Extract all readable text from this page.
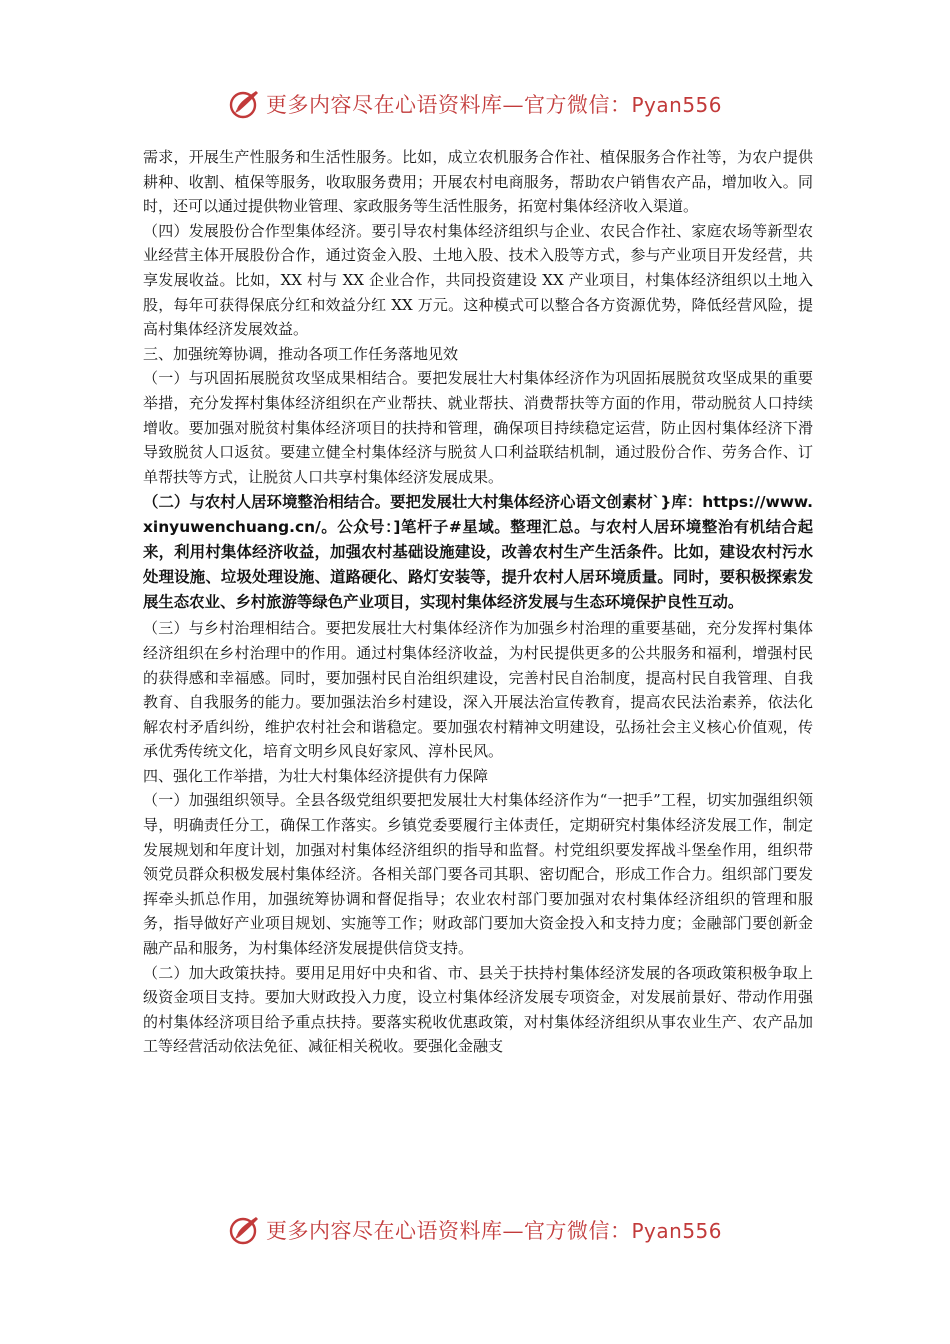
更多内容尽在心语资料库—官方微信：Pyan556

需求，开展生产性服务和生活性服务。比如，成立农机服务合作社、植保服务合作社等，为农户提供耕种、收割、植保等服务，收取服务费用；开展农村电商服务，帮助农户销售农产品，增加收入。同时，还可以通过提供物业管理、家政服务等生活性服务，拓宽村集体经济收入渠道。

（四）发展股份合作型集体经济。要引导农村集体经济组织与企业、农民合作社、家庭农场等新型农业经营主体开展股份合作，通过资金入股、土地入股、技术入股等方式，参与产业项目开发经营，共享发展收益。比如，XX 村与 XX 企业合作，共同投资建设 XX 产业项目，村集体经济组织以土地入股，每年可获得保底分红和效益分红 XX 万元。这种模式可以整合各方资源优势，降低经营风险，提高村集体经济发展效益。

三、加强统筹协调，推动各项工作任务落地见效

（一）与巩固拓展脱贫攻坚成果相结合。要把发展壮大村集体经济作为巩固拓展脱贫攻坚成果的重要举措，充分发挥村集体经济组织在产业帮扶、就业帮扶、消费帮扶等方面的作用，带动脱贫人口持续增收。要加强对脱贫村集体经济项目的扶持和管理，确保项目持续稳定运营，防止因村集体经济下滑导致脱贫人口返贫。要建立健全村集体经济与脱贫人口利益联结机制，通过股份合作、劳务合作、订单帮扶等方式，让脱贫人口共享村集体经济发展成果。

（二）与农村人居环境整治相结合。要把发展壮大村集体经济心语文创素材`}库：https://www.xinyuwenchuang.cn/。公众号：]笔杆子#星域。整理汇总。与农村人居环境整治有机结合起来，利用村集体经济收益，加强农村基础设施建设，改善农村生产生活条件。比如，建设农村污水处理设施、垃圾处理设施、道路硬化、路灯安装等，提升农村人居环境质量。同时，要积极探索发展生态农业、乡村旅游等绿色产业项目，实现村集体经济发展与生态环境保护良性互动。

（三）与乡村治理相结合。要把发展壮大村集体经济作为加强乡村治理的重要基础，充分发挥村集体经济组织在乡村治理中的作用。通过村集体经济收益，为村民提供更多的公共服务和福利，增强村民的获得感和幸福感。同时，要加强村民自治组织建设，完善村民自治制度，提高村民自我管理、自我教育、自我服务的能力。要加强法治乡村建设，深入开展法治宣传教育，提高农民法治素养，依法化解农村矛盾纠纷，维护农村社会和谐稳定。要加强农村精神文明建设，弘扬社会主义核心价值观，传承优秀传统文化，培育文明乡风良好家风、淳朴民风。

四、强化工作举措，为壮大村集体经济提供有力保障

（一）加强组织领导。全县各级党组织要把发展壮大村集体经济作为“一把手”工程，切实加强组织领导，明确责任分工，确保工作落实。乡镇党委要履行主体责任，定期研究村集体经济发展工作，制定发展规划和年度计划，加强对村集体经济组织的指导和监督。村党组织要发挥战斗堡垒作用，组织带领党员群众积极发展村集体经济。各相关部门要各司其职、密切配合，形成工作合力。组织部门要发挥牵头抓总作用，加强统筹协调和督促指导；农业农村部门要加强对农村集体经济组织的管理和服务，指导做好产业项目规划、实施等工作；财政部门要加大资金投入和支持力度；金融部门要创新金融产品和服务，为村集体经济发展提供信贷支持。

（二）加大政策扶持。要用足用好中央和省、市、县关于扶持村集体经济发展的各项政策积极争取上级资金项目支持。要加大财政投入力度，设立村集体经济发展专项资金，对发展前景好、带动作用强的村集体经济项目给予重点扶持。要落实税收优惠政策，对村集体经济组织从事农业生产、农产品加工等经营活动依法免征、减征相关税收。要强化金融支

更多内容尽在心语资料库—官方微信：Pyan556
